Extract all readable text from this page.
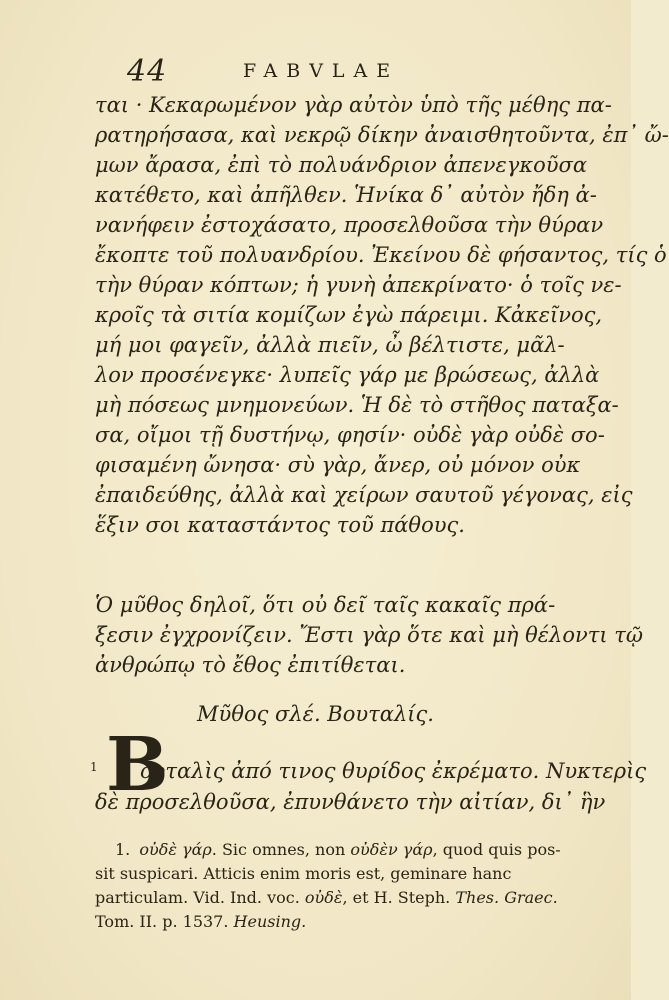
44	FABVLAE
ται · Κεκαρωμένον γὰρ αὐτὸν ὑπὸ τῆς μέθης πα-
ρατηρήσασα, καὶ νεκρῷ δίκην ἀναισθητοῦντα, ἐπ᾽ ὤ-
μων ἄρασα, ἐπὶ τὸ πολυάνδριον ἀπενεγκοῦσα
κατέθετο, καὶ ἀπῆλθεν. Ἡνίκα δ᾽ αὐτὸν ἤδη ἀ-
νανήφειν ἐστοχάσατο, προσελθοῦσα τὴν θύραν
ἔκοπτε τοῦ πολυανδρίου. Ἐκείνου δὲ φήσαντος, τίς ὁ
τὴν θύραν κόπτων; ἡ γυνὴ ἀπεκρίνατο· ὁ τοῖς νε-
κροῖς τὰ σιτία κομίζων ἐγὼ πάρειμι. Κἀκεῖνος,
μή μοι φαγεῖν, ἀλλὰ πιεῖν, ὦ βέλτιστε, μᾶλ-
λον προσένεγκε· λυπεῖς γάρ με βρώσεως, ἀλλὰ
μὴ πόσεως μνημονεύων. Ἡ δὲ τὸ στῆθος παταξα-
σα, οἴμοι τῇ δυστήνῳ, φησίν· οὐδὲ γὰρ οὐδὲ σο-
φισαμένη ὤνησα· σὺ γὰρ, ἄνερ, οὐ μόνον οὐκ
ἐπαιδεύθης, ἀλλὰ καὶ χείρων σαυτοῦ γέγονας, εἰς
ἕξιν σοι καταστάντος τοῦ πάθους.
Ὁ μῦθος δηλοῖ, ὅτι οὐ δεῖ ταῖς κακαῖς πρά-
ξεσιν ἐγχρονίζειν. Ἔστι γὰρ ὅτε καὶ μὴ θέλοντι τῷ
ἀνθρώπῳ τὸ ἔθος ἐπιτίθεται.
Μῦθος σλέ. Βουταλίς.
1 Β
ουταλὶς ἀπό τινος θυρίδος ἐκρέματο. Νυκτερὶς
δὲ προσελθοῦσα, ἐπυνθάνετο τὴν αἰτίαν, δι᾽ ἣν
1. οὐδὲ γάρ. Sic omnes, non οὐδὲν γάρ, quod quis pos-
sit suspicari. Atticis enim moris est, geminare hanc
particulam. Vid. Ind. voc. οὐδὲ, et H. Steph. Thes. Graec.
Tom. II. p. 1537. Heusing.
